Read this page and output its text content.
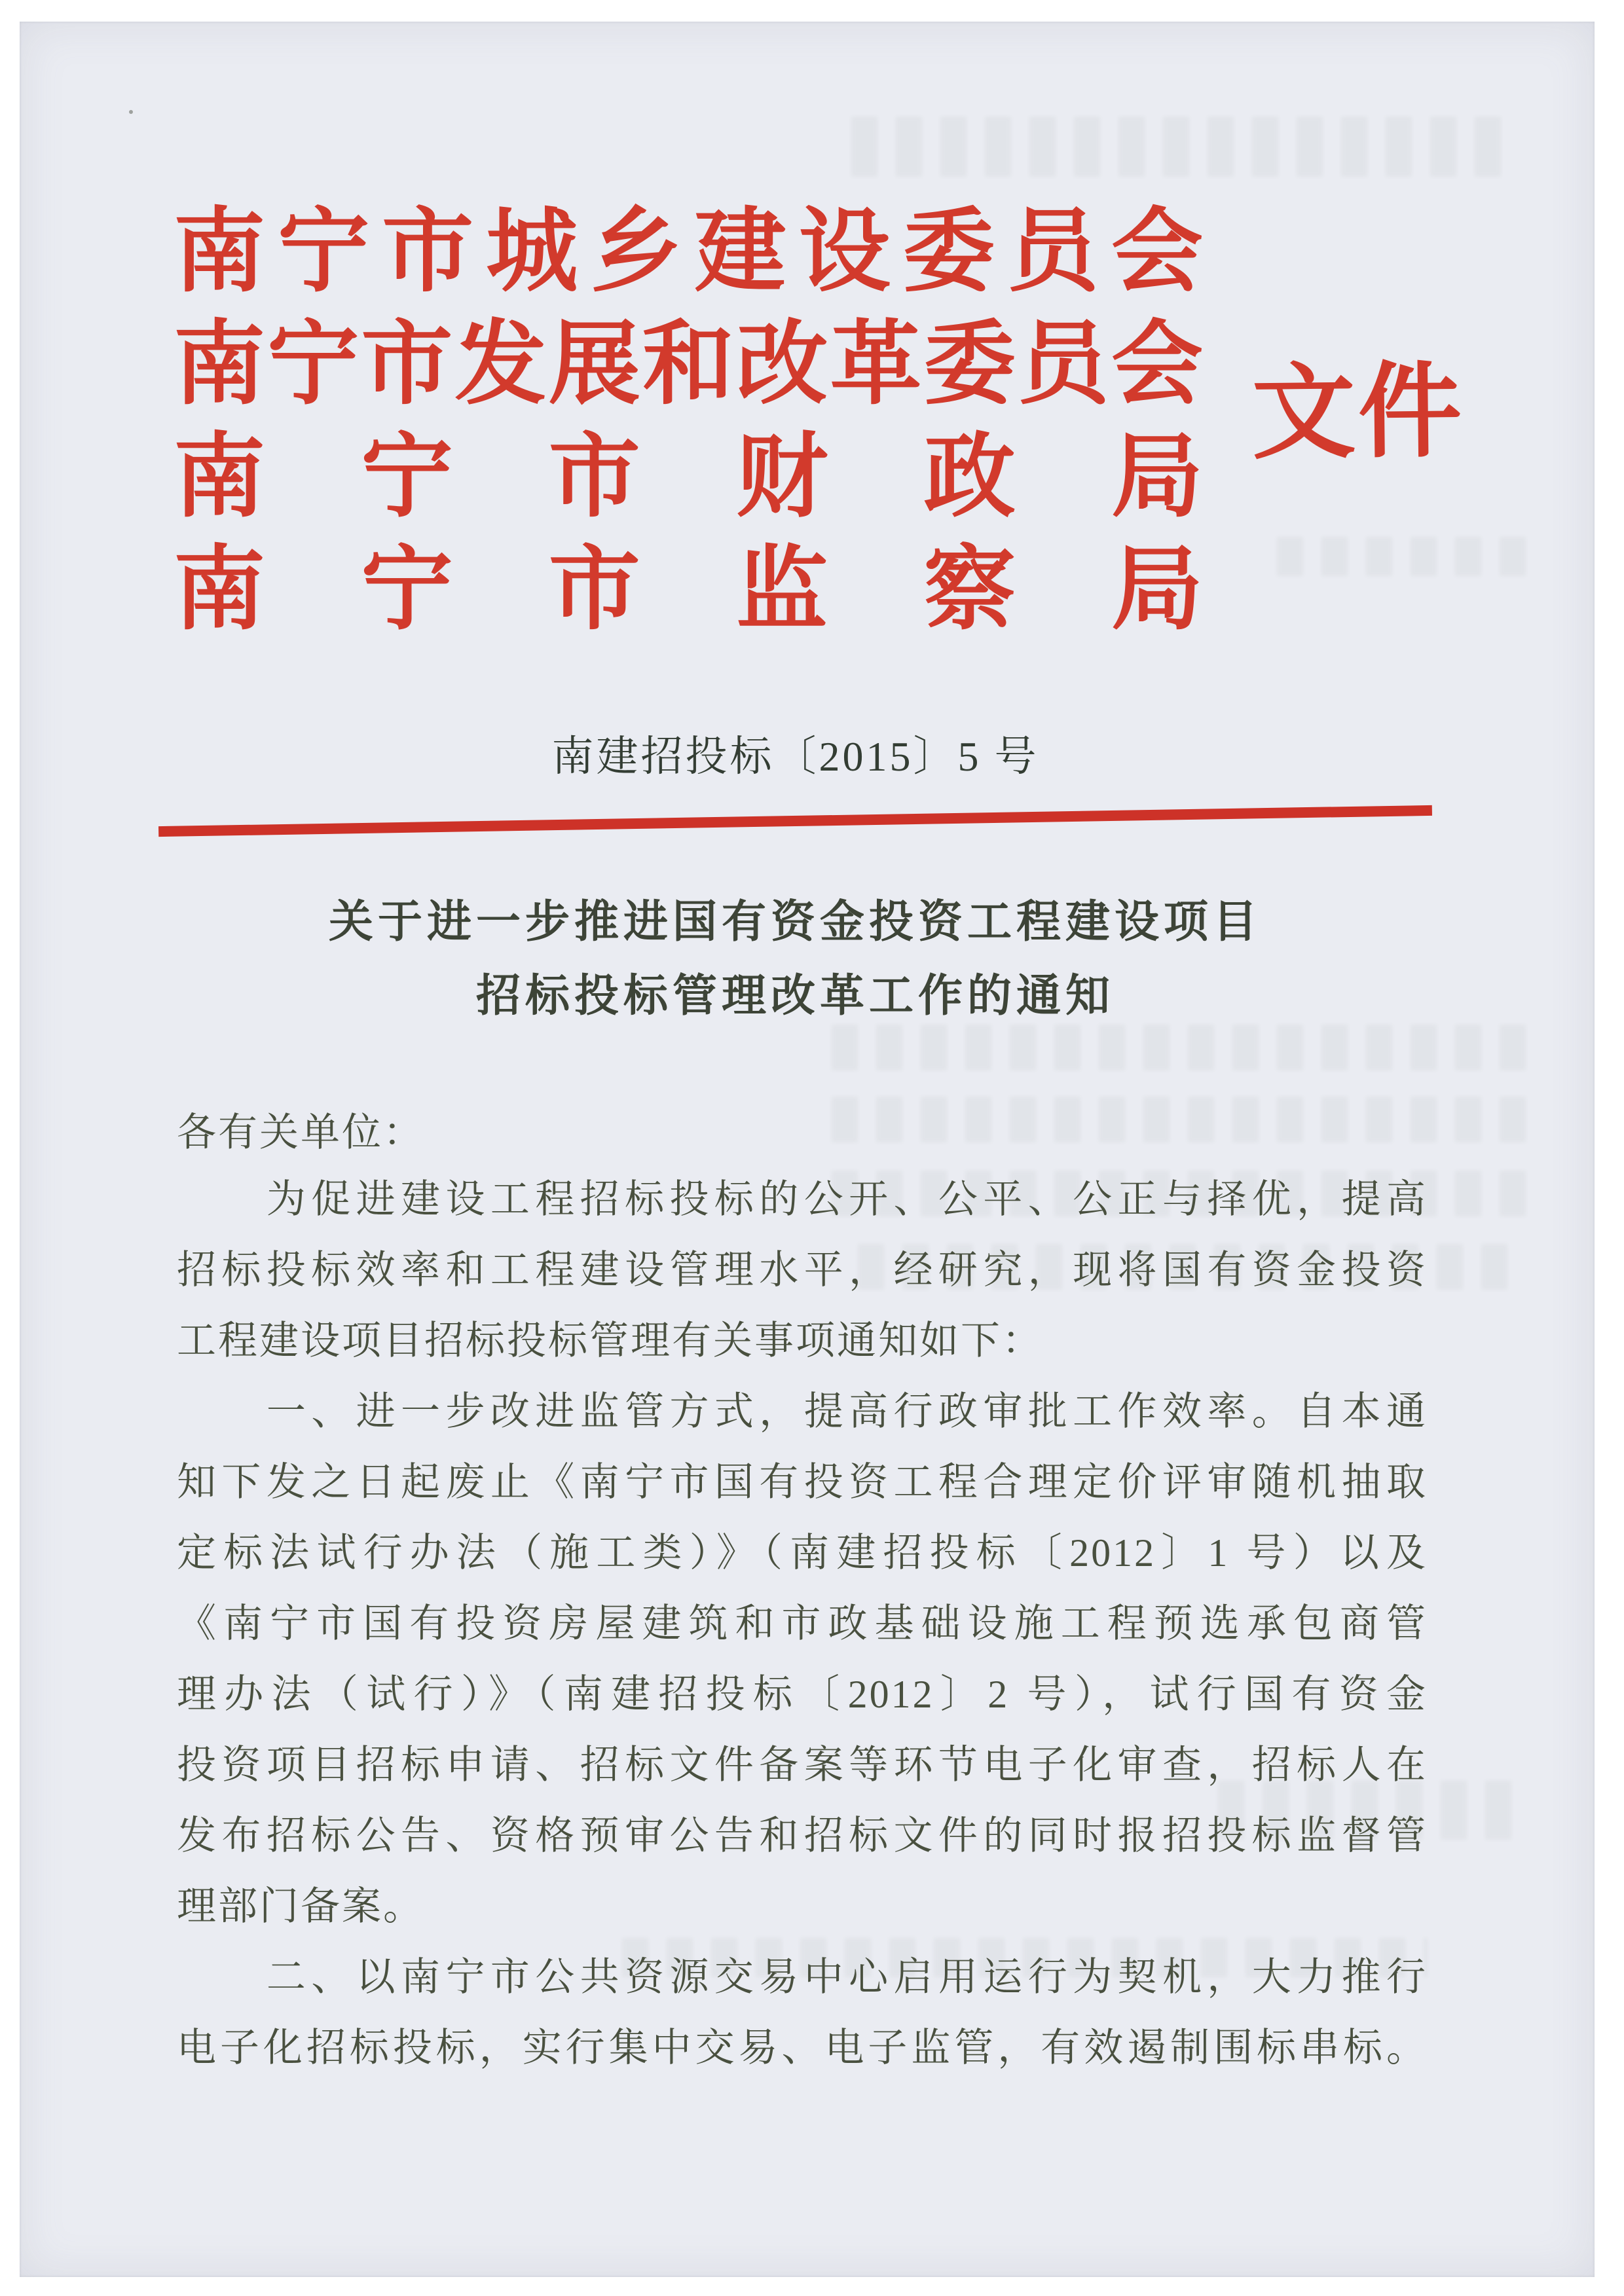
南宁市城乡建设委员会
南宁市发展和改革委员会
南宁市财政局
南宁市监察局
文件
南建招投标〔2015〕5 号
关于进一步推进国有资金投资工程建设项目
招标投标管理改革工作的通知
各有关单位：
　　为促进建设工程招标投标的公开、公平、公正与择优，提高
招标投标效率和工程建设管理水平，经研究，现将国有资金投资
工程建设项目招标投标管理有关事项通知如下：
　　一、进一步改进监管方式，提高行政审批工作效率。自本通
知下发之日起废止《南宁市国有投资工程合理定价评审随机抽取
定标法试行办法（施工类）》（南建招投标〔2012〕1 号）以及
《南宁市国有投资房屋建筑和市政基础设施工程预选承包商管
理办法（试行）》（南建招投标〔2012〕2 号），试行国有资金
投资项目招标申请、招标文件备案等环节电子化审查，招标人在
发布招标公告、资格预审公告和招标文件的同时报招投标监督管
理部门备案。
　　二、以南宁市公共资源交易中心启用运行为契机，大力推行
电子化招标投标，实行集中交易、电子监管，有效遏制围标串标。
